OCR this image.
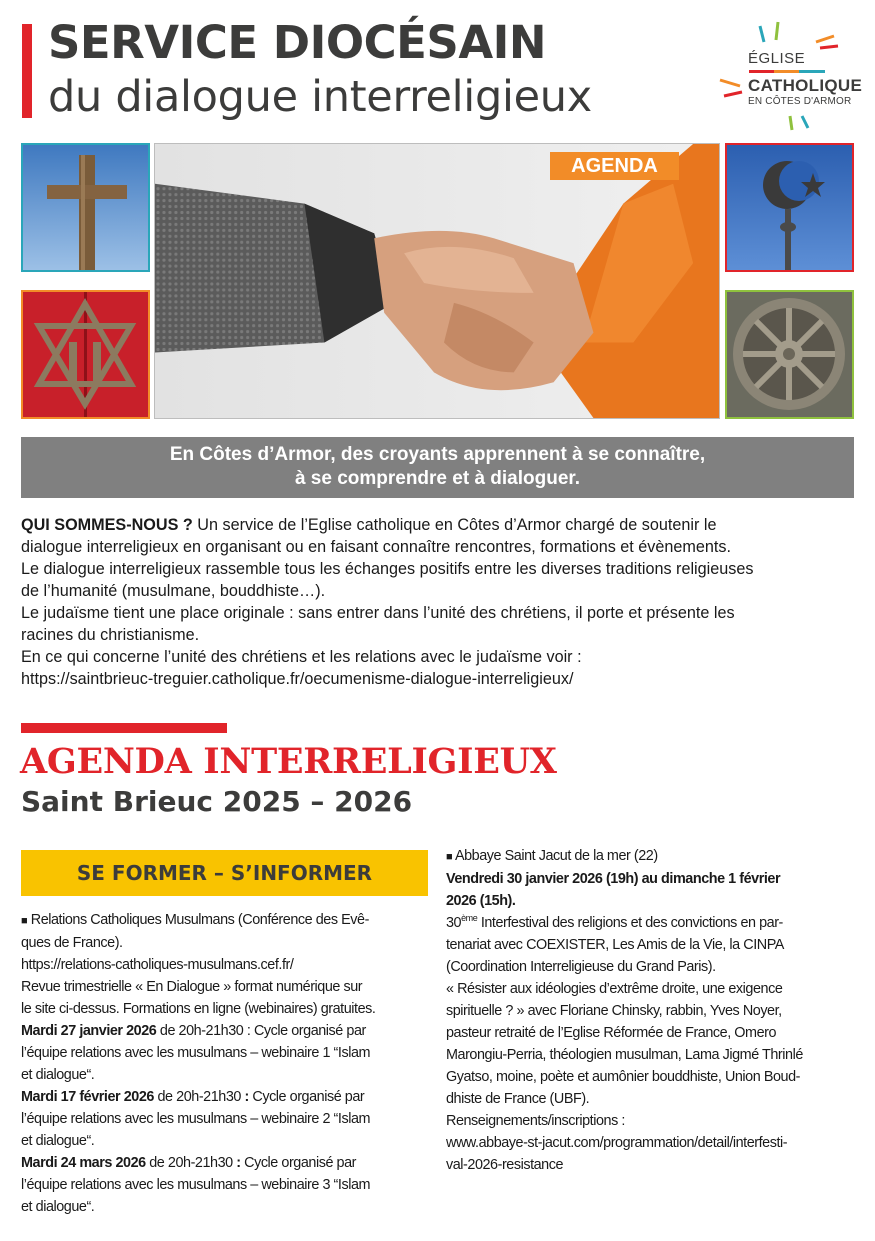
SERVICE DIOCÉSAIN
du dialogue interreligieux
ÉGLISE
CATHOLIQUE
EN CÔTES D'ARMOR
AGENDA
En Côtes d’Armor, des croyants apprennent à se connaître,
à se comprendre et à dialoguer.

QUI SOMMES-NOUS ? Un service de l’Eglise catholique en Côtes d’Armor chargé de soutenir le

dialogue interreligieux en organisant ou en faisant connaître rencontres, formations et évènements.

Le dialogue interreligieux rassemble tous les échanges positifs entre les diverses traditions religieuses

de l’humanité (musulmane, bouddhiste…).

Le judaïsme tient une place originale : sans entrer dans l’unité des chrétiens, il porte et présente les

racines du christianisme.

En ce qui concerne l’unité des chrétiens et les relations avec le judaïsme voir :

https://saintbrieuc-treguier.catholique.fr/oecumenisme-dialogue-interreligieux/

AGENDA INTERRELIGIEUX
Saint Brieuc 2025 – 2026
SE FORMER – S’INFORMER

■ Relations Catholiques Musulmans (Conférence des Evê-

ques de France).

https://relations-catholiques-musulmans.cef.fr/

Revue trimestrielle « En Dialogue » format numérique sur

le site ci-dessus. Formations en ligne (webinaires) gratuites.

Mardi 27 janvier 2026 de 20h-21h30 : Cycle organisé par

l’équipe relations avec les musulmans – webinaire 1 “Islam

et dialogue“.

Mardi 17 février 2026 de 20h-21h30 : Cycle organisé par

l’équipe relations avec les musulmans – webinaire 2 “Islam

et dialogue“.

Mardi 24 mars 2026 de 20h-21h30 : Cycle organisé par

l’équipe relations avec les musulmans – webinaire 3 “Islam

et dialogue“.

■ Abbaye Saint Jacut de la mer (22)

Vendredi 30 janvier 2026 (19h) au dimanche 1 février

2026 (15h).

30ème Interfestival des religions et des convictions en par-

tenariat avec COEXISTER, Les Amis de la Vie, la CINPA

(Coordination Interreligieuse du Grand Paris).

« Résister aux idéologies d’extrême droite, une exigence

spirituelle ? » avec Floriane Chinsky, rabbin, Yves Noyer,

pasteur retraité de l’Eglise Réformée de France, Omero

Marongiu-Perria, théologien musulman, Lama Jigmé Thrinlé

Gyatso, moine, poète et aumônier bouddhiste, Union Boud-

dhiste de France (UBF).

Renseignements/inscriptions :

www.abbaye-st-jacut.com/programmation/detail/interfesti-

val-2026-resistance
